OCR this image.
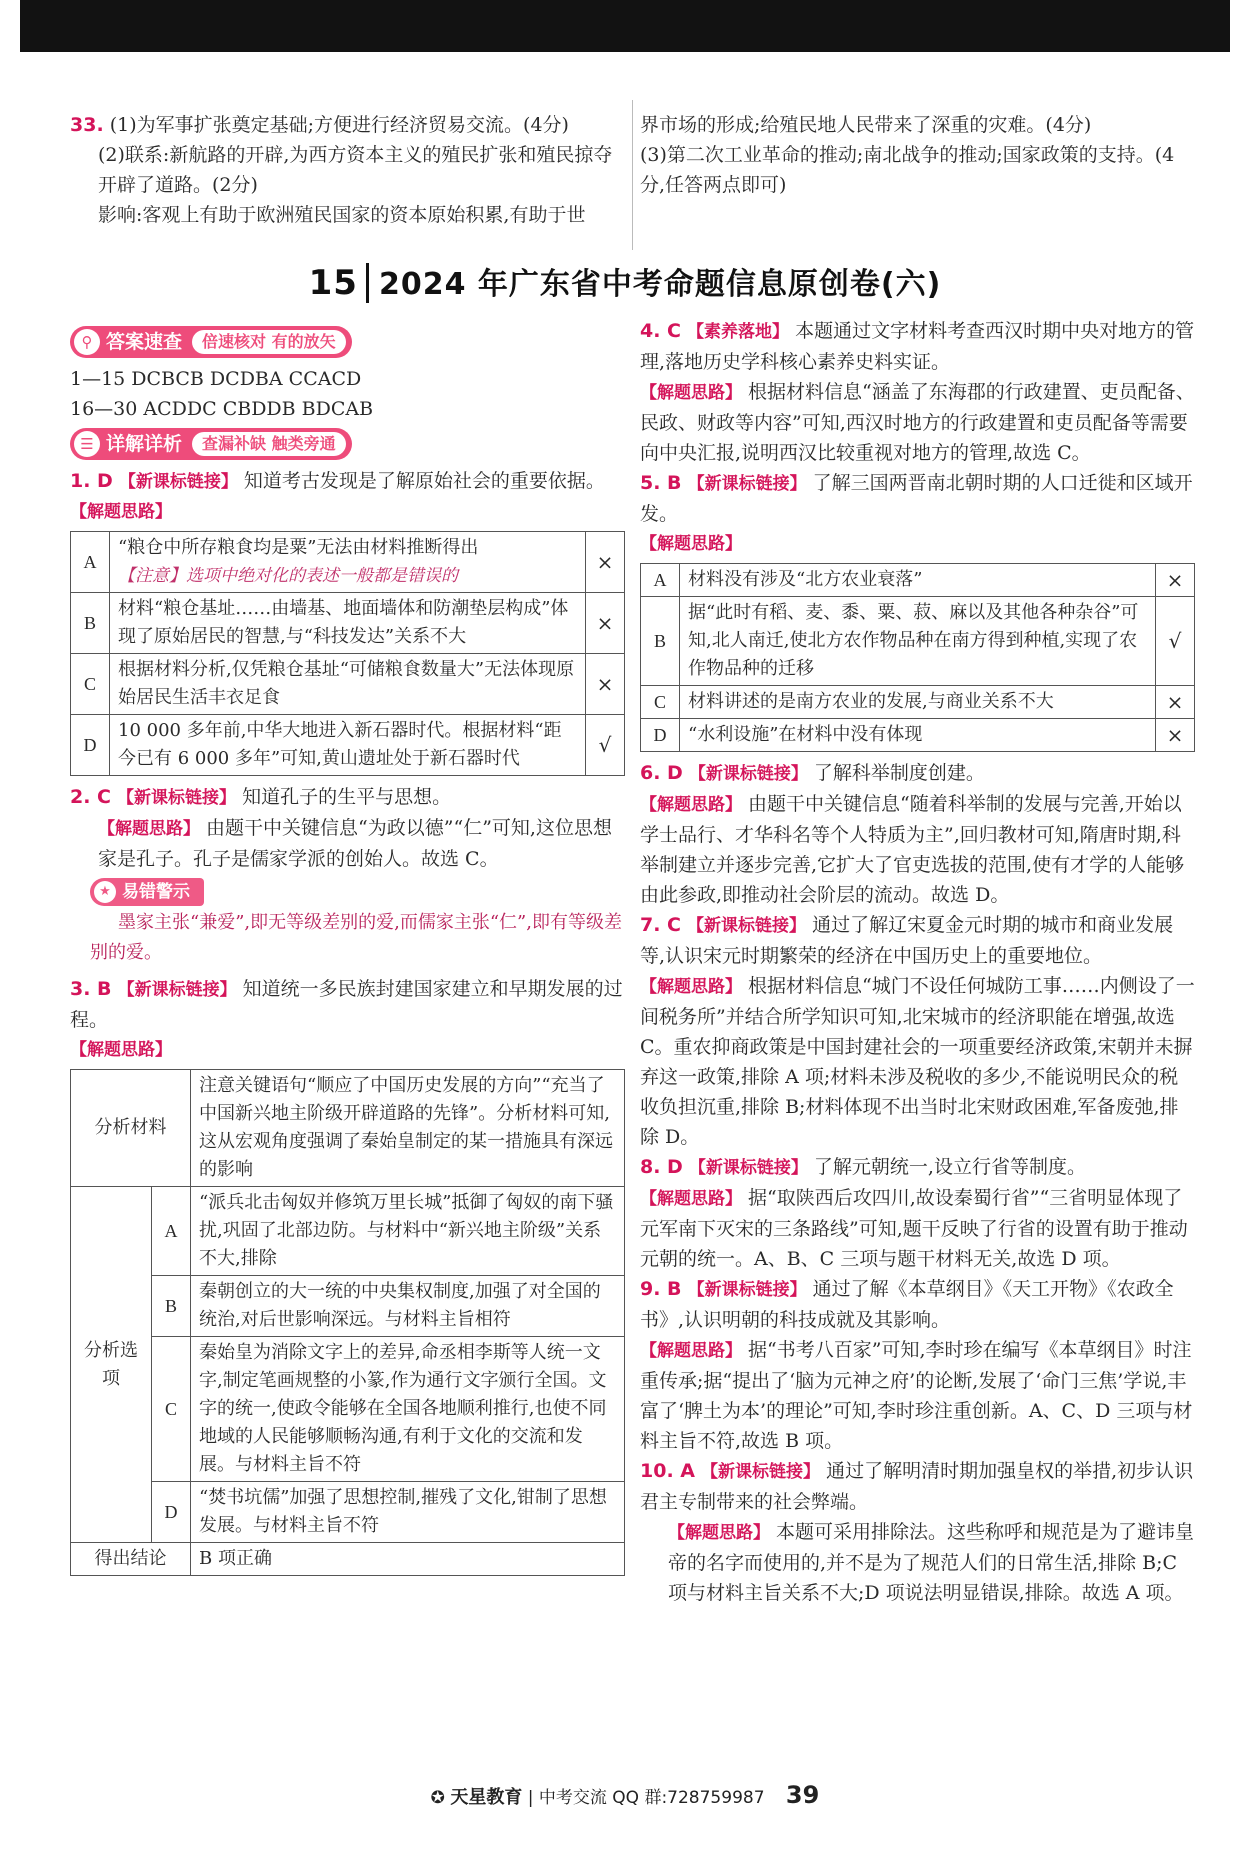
33. (1)为军事扩张奠定基础;方便进行经济贸易交流。(4分)

(2)联系:新航路的开辟,为西方资本主义的殖民扩张和殖民掠夺开辟了道路。(2分)

影响:客观上有助于欧洲殖民国家的资本原始积累,有助于世

界市场的形成;给殖民地人民带来了深重的灾难。(4分)

(3)第二次工业革命的推动;南北战争的推动;国家政策的支持。(4分,任答两点即可)

15 2024 年广东省中考命题信息原创卷(六)
⚲ 答案速查	倍速核对 有的放矢

1—15 DCBCB DCDBA CCACD

16—30 ACDDC CBDDB BDCAB

☰ 详解详析	查漏补缺 触类旁通

1. D 【新课标链接】 知道考古发现是了解原始社会的重要依据。

【解题思路】
A	“粮仓中所存粮食均是粟”无法由材料推断得出
【注意】选项中绝对化的表述一般都是错误的	×
B	材料“粮仓基址……由墙基、地面墙体和防潮垫层构成”体现了原始居民的智慧,与“科技发达”关系不大	×
C	根据材料分析,仅凭粮仓基址“可储粮食数量大”无法体现原始居民生活丰衣足食	×
D	10 000 多年前,中华大地进入新石器时代。根据材料“距今已有 6 000 多年”可知,黄山遗址处于新石器时代	√

2. C 【新课标链接】 知道孔子的生平与思想。

【解题思路】 由题干中关键信息“为政以德”“仁”可知,这位思想家是孔子。孔子是儒家学派的创始人。故选 C。

★ 易错警示

墨家主张“兼爱”,即无等级差别的爱,而儒家主张“仁”,即有等级差别的爱。

3. B 【新课标链接】 知道统一多民族封建国家建立和早期发展的过程。

【解题思路】
分析材料		注意关键语句“顺应了中国历史发展的方向”“充当了中国新兴地主阶级开辟道路的先锋”。分析材料可知,这从宏观角度强调了秦始皇制定的某一措施具有深远的影响
分析选项	A	“派兵北击匈奴并修筑万里长城”抵御了匈奴的南下骚扰,巩固了北部边防。与材料中“新兴地主阶级”关系不大,排除
	B	秦朝创立的大一统的中央集权制度,加强了对全国的统治,对后世影响深远。与材料主旨相符
	C	秦始皇为消除文字上的差异,命丞相李斯等人统一文字,制定笔画规整的小篆,作为通行文字颁行全国。文字的统一,使政令能够在全国各地顺利推行,也使不同地域的人民能够顺畅沟通,有利于文化的交流和发展。与材料主旨不符
	D	“焚书坑儒”加强了思想控制,摧残了文化,钳制了思想发展。与材料主旨不符
得出结论		B 项正确

4. C 【素养落地】 本题通过文字材料考查西汉时期中央对地方的管理,落地历史学科核心素养史料实证。

【解题思路】 根据材料信息“涵盖了东海郡的行政建置、吏员配备、民政、财政等内容”可知,西汉时地方的行政建置和吏员配备等需要向中央汇报,说明西汉比较重视对地方的管理,故选 C。

5. B 【新课标链接】 了解三国两晋南北朝时期的人口迁徙和区域开发。

【解题思路】
A	材料没有涉及“北方农业衰落”	×
B	据“此时有稻、麦、黍、粟、菽、麻以及其他各种杂谷”可知,北人南迁,使北方农作物品种在南方得到种植,实现了农作物品种的迁移	√
C	材料讲述的是南方农业的发展,与商业关系不大	×
D	“水利设施”在材料中没有体现	×

6. D 【新课标链接】 了解科举制度创建。

【解题思路】 由题干中关键信息“随着科举制的发展与完善,开始以学士品行、才华科名等个人特质为主”,回归教材可知,隋唐时期,科举制建立并逐步完善,它扩大了官吏选拔的范围,使有才学的人能够由此参政,即推动社会阶层的流动。故选 D。

7. C 【新课标链接】 通过了解辽宋夏金元时期的城市和商业发展等,认识宋元时期繁荣的经济在中国历史上的重要地位。

【解题思路】 根据材料信息“城门不设任何城防工事……内侧设了一间税务所”并结合所学知识可知,北宋城市的经济职能在增强,故选 C。重农抑商政策是中国封建社会的一项重要经济政策,宋朝并未摒弃这一政策,排除 A 项;材料未涉及税收的多少,不能说明民众的税收负担沉重,排除 B;材料体现不出当时北宋财政困难,军备废弛,排除 D。

8. D 【新课标链接】 了解元朝统一,设立行省等制度。

【解题思路】 据“取陕西后攻四川,故设秦蜀行省”“三省明显体现了元军南下灭宋的三条路线”可知,题干反映了行省的设置有助于推动元朝的统一。A、B、C 三项与题干材料无关,故选 D 项。

9. B 【新课标链接】 通过了解《本草纲目》《天工开物》《农政全书》,认识明朝的科技成就及其影响。

【解题思路】 据“书考八百家”可知,李时珍在编写《本草纲目》时注重传承;据“提出了‘脑为元神之府’的论断,发展了‘命门三焦’学说,丰富了‘脾土为本’的理论”可知,李时珍注重创新。A、C、D 三项与材料主旨不符,故选 B 项。

10. A 【新课标链接】 通过了解明清时期加强皇权的举措,初步认识君主专制带来的社会弊端。

【解题思路】 本题可采用排除法。这些称呼和规范是为了避讳皇帝的名字而使用的,并不是为了规范人们的日常生活,排除 B;C 项与材料主旨关系不大;D 项说法明显错误,排除。故选 A 项。

✪ 天星教育 | 中考交流 QQ 群:728759987 39
